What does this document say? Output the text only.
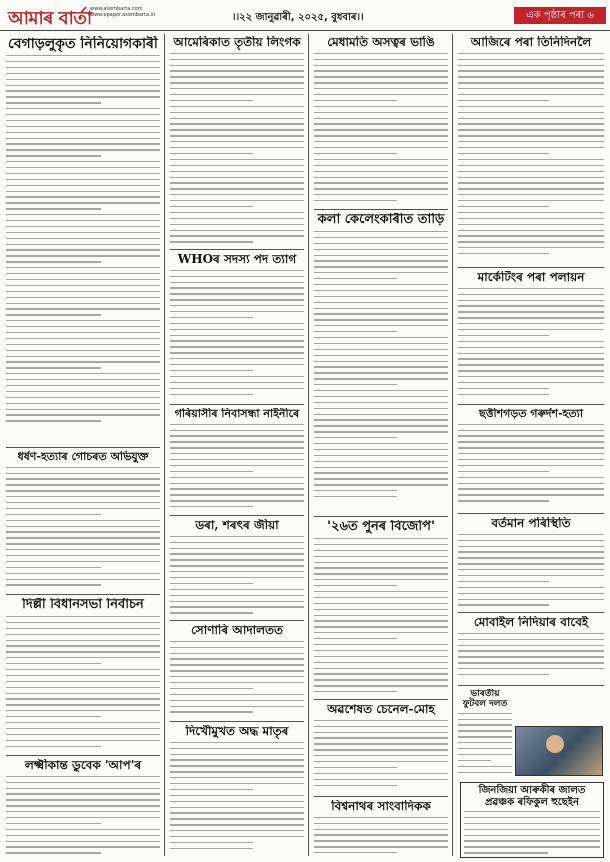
আমাৰ বাৰ্তা
www.asombarta.com
www.epaper.asombarta.in	।।২২ জানুৱাৰী, ২০২৫, বুধবাৰ।।	এক পৃষ্ঠাৰ পৰা ৬
বেগাড়লুকৃত নিনিয়োগকাৰী
ধৰ্ষণ-হত্যাৰ গোচৰত অভিযুক্ত
দিল্লী বিধানসভা নিৰ্বাচন
লক্ষ্মীকান্ত ডুবেক 'আপ'ৰ
আমেৰিকাত তৃতীয় লিংগক
WHOৰ সদস্য পদ ত্যাগ
গৰিয়াসীৰ নিবাসন্ধা নাইনীৰে
ডৰা, শৰৎৰ জীয়া
সোণাৰি আদালতত
দিখৌমুখত অদ্ধ মাতৃৰ
মেধামতি অসত্বৰ ভাঙি
কলা কেলেংকাৰীত তাড়ি
'২৬ত পুনৰ বিজেপি'
অৱশেষত চেনেল-মোহ
বিশ্বনাথৰ সাংবাদিকক
আজিৰে পৰা তিনিদিনলৈ
মাৰ্কেটিংৰ পৰা পলায়ন
ছত্তীশগড়ত গৰুৰ্দশ-হত্যা
বৰ্তমান পৰিস্থিতি
মোবাইল নিদিয়াৰ বাবেই
ভাৰতীয় ফুটবল দলত
জিনজিয়া আৰুকীৰ জালত প্ৰৱঞ্চক ৰফিকুল হুছেইন
